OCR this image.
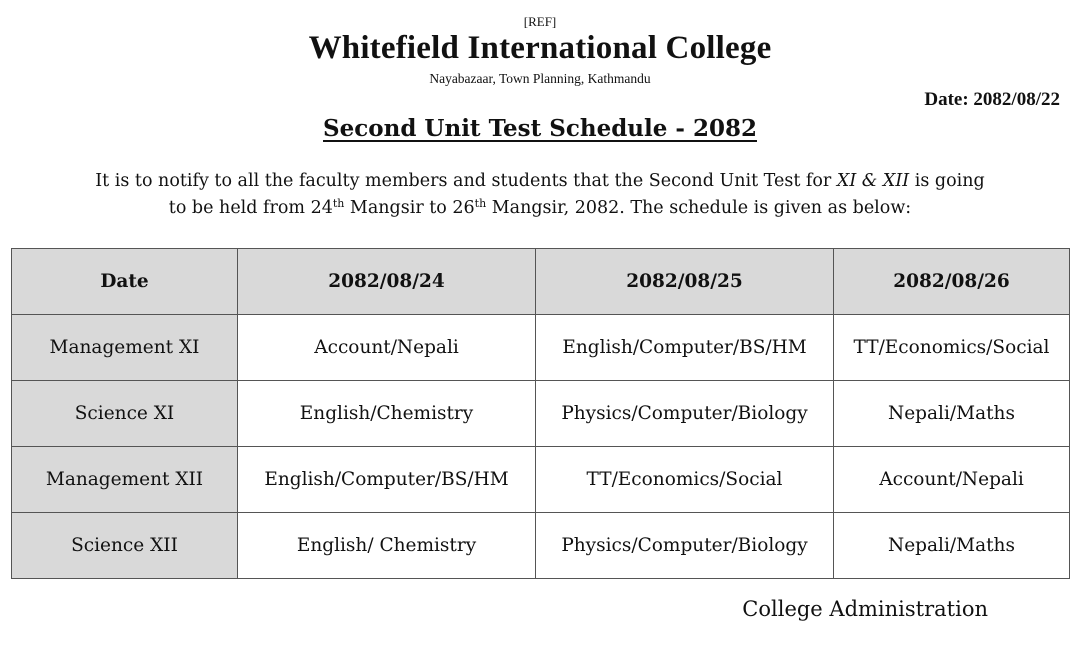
[REF]
Whitefield International College
Nayabazaar, Town Planning, Kathmandu
Date: 2082/08/22
Second Unit Test Schedule - 2082
It is to notify to all the faculty members and students that the Second Unit Test for XI & XII is going
to be held from 24th Mangsir to 26th Mangsir, 2082. The schedule is given as below:
Date	2082/08/24	2082/08/25	2082/08/26
Management XI	Account/Nepali	English/Computer/BS/HM	TT/Economics/Social
Science XI	English/Chemistry	Physics/Computer/Biology	Nepali/Maths
Management XII	English/Computer/BS/HM	TT/Economics/Social	Account/Nepali
Science XII	English/ Chemistry	Physics/Computer/Biology	Nepali/Maths
College Administration
